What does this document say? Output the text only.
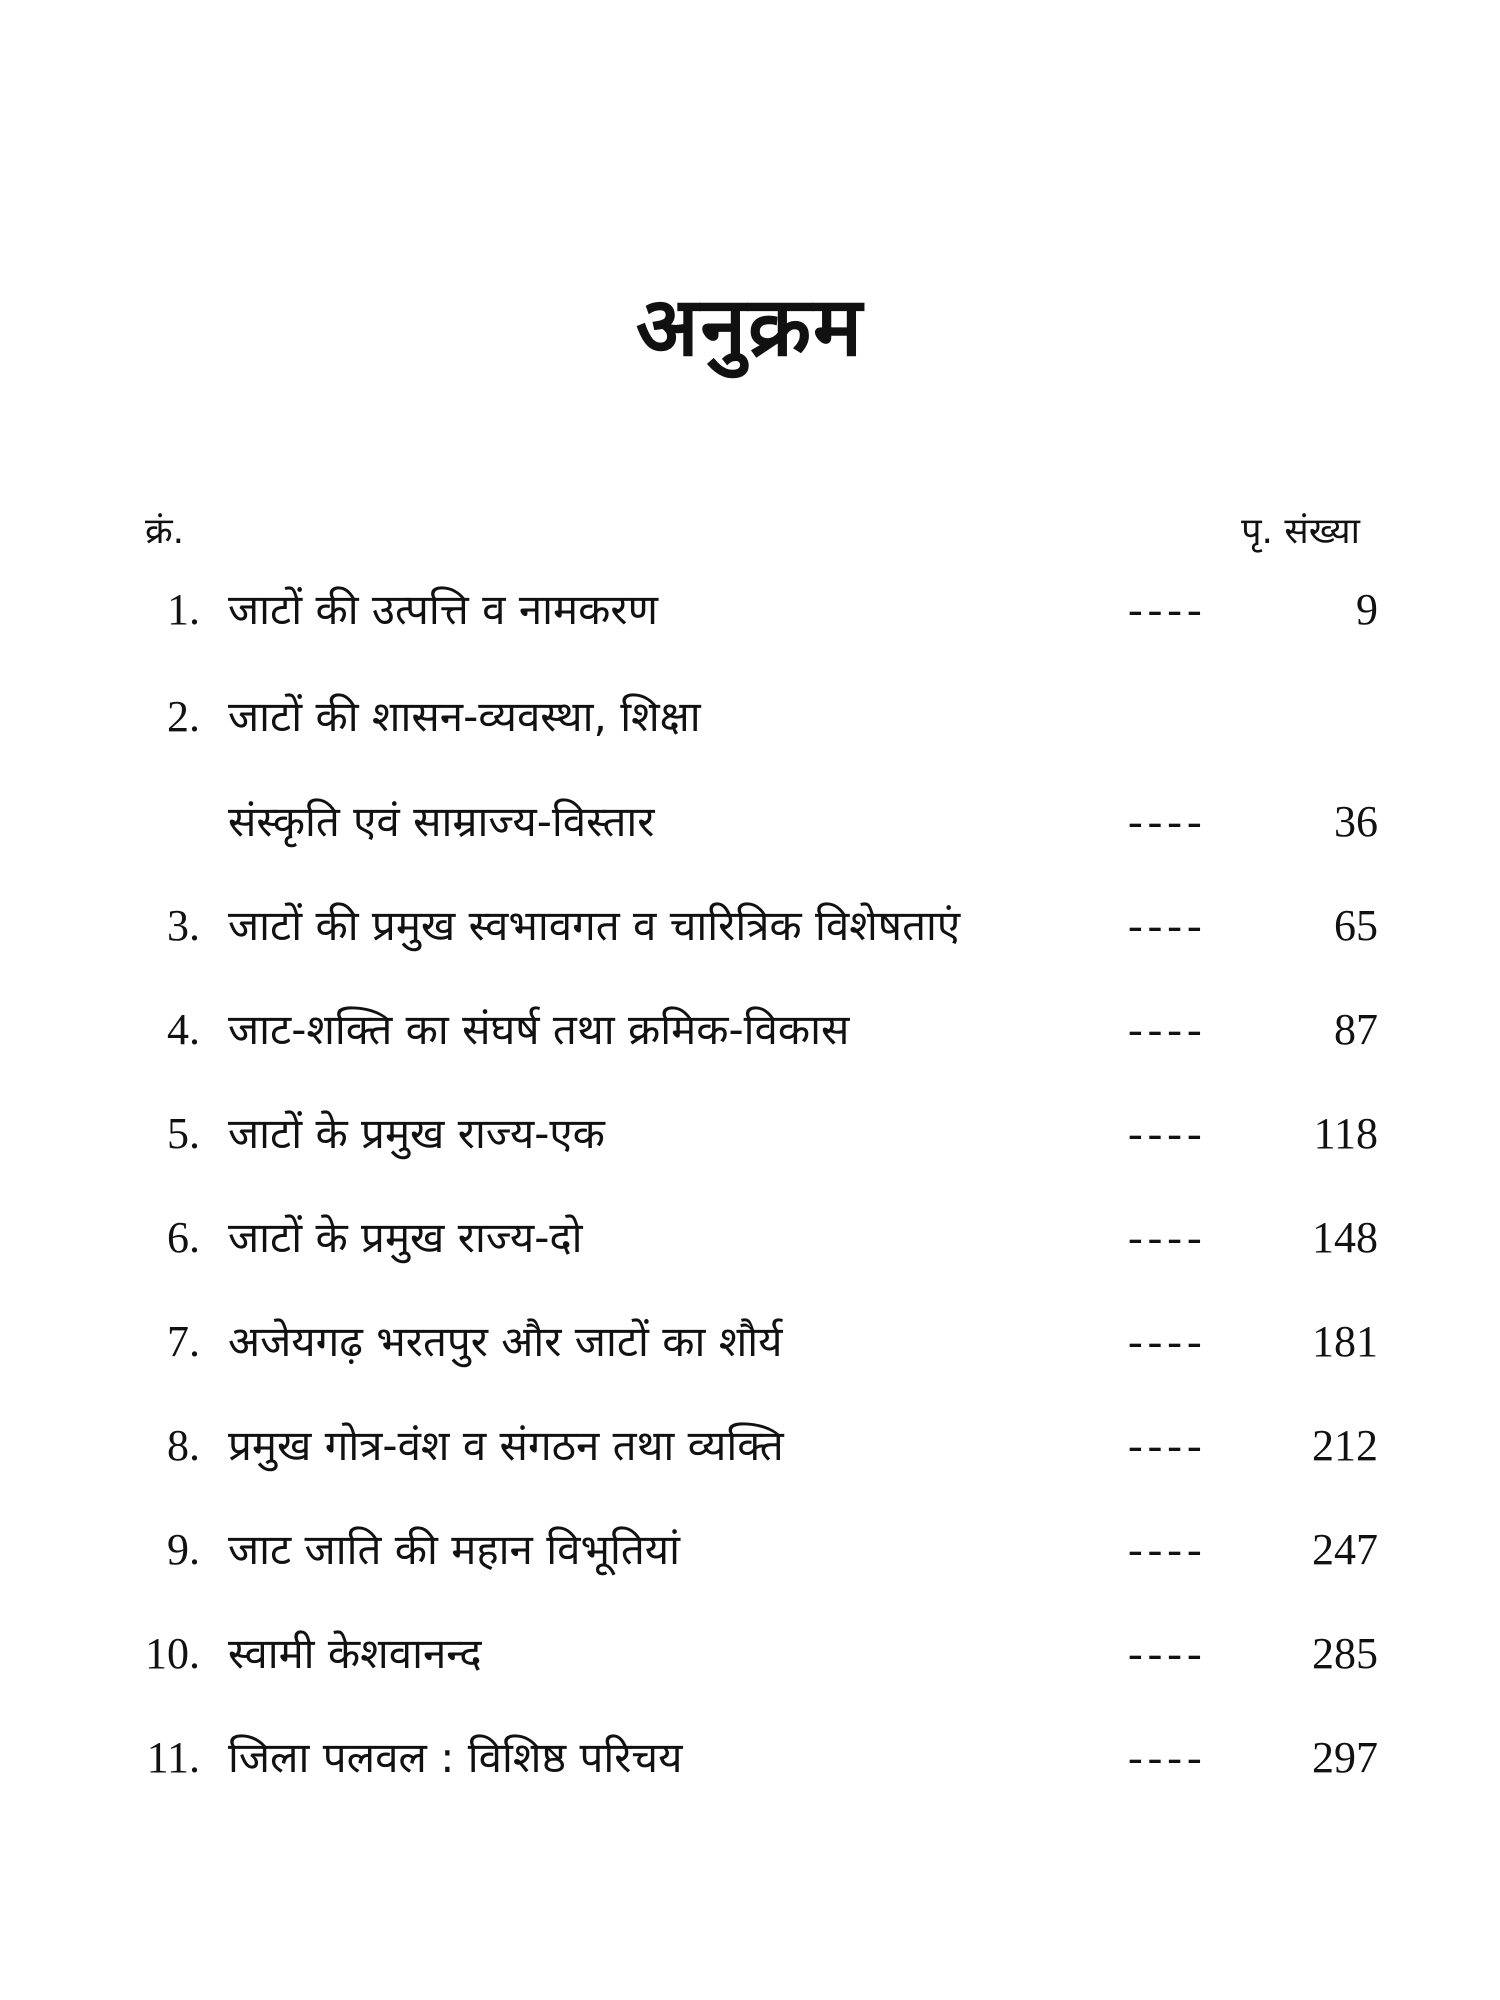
अनुक्रम
क्रं.	पृ. संख्या
1. जाटों की उत्पत्ति व नामकरण	----	9
2. जाटों की शासन-व्यवस्था, शिक्षा
संस्कृति एवं साम्राज्य-विस्तार	----	36
3. जाटों की प्रमुख स्वभावगत व चारित्रिक विशेषताएं	----	65
4. जाट-शक्ति का संघर्ष तथा क्रमिक-विकास	----	87
5. जाटों के प्रमुख राज्य-एक	---- 118
6. जाटों के प्रमुख राज्य-दो	---- 148
7. अजेयगढ़ भरतपुर और जाटों का शौर्य	---- 181
8. प्रमुख गोत्र-वंश व संगठन तथा व्यक्ति	---- 212
9. जाट जाति की महान विभूतियां	---- 247
10. स्वामी केशवानन्द	---- 285
11. जिला पलवल : विशिष्ठ परिचय	---- 297
